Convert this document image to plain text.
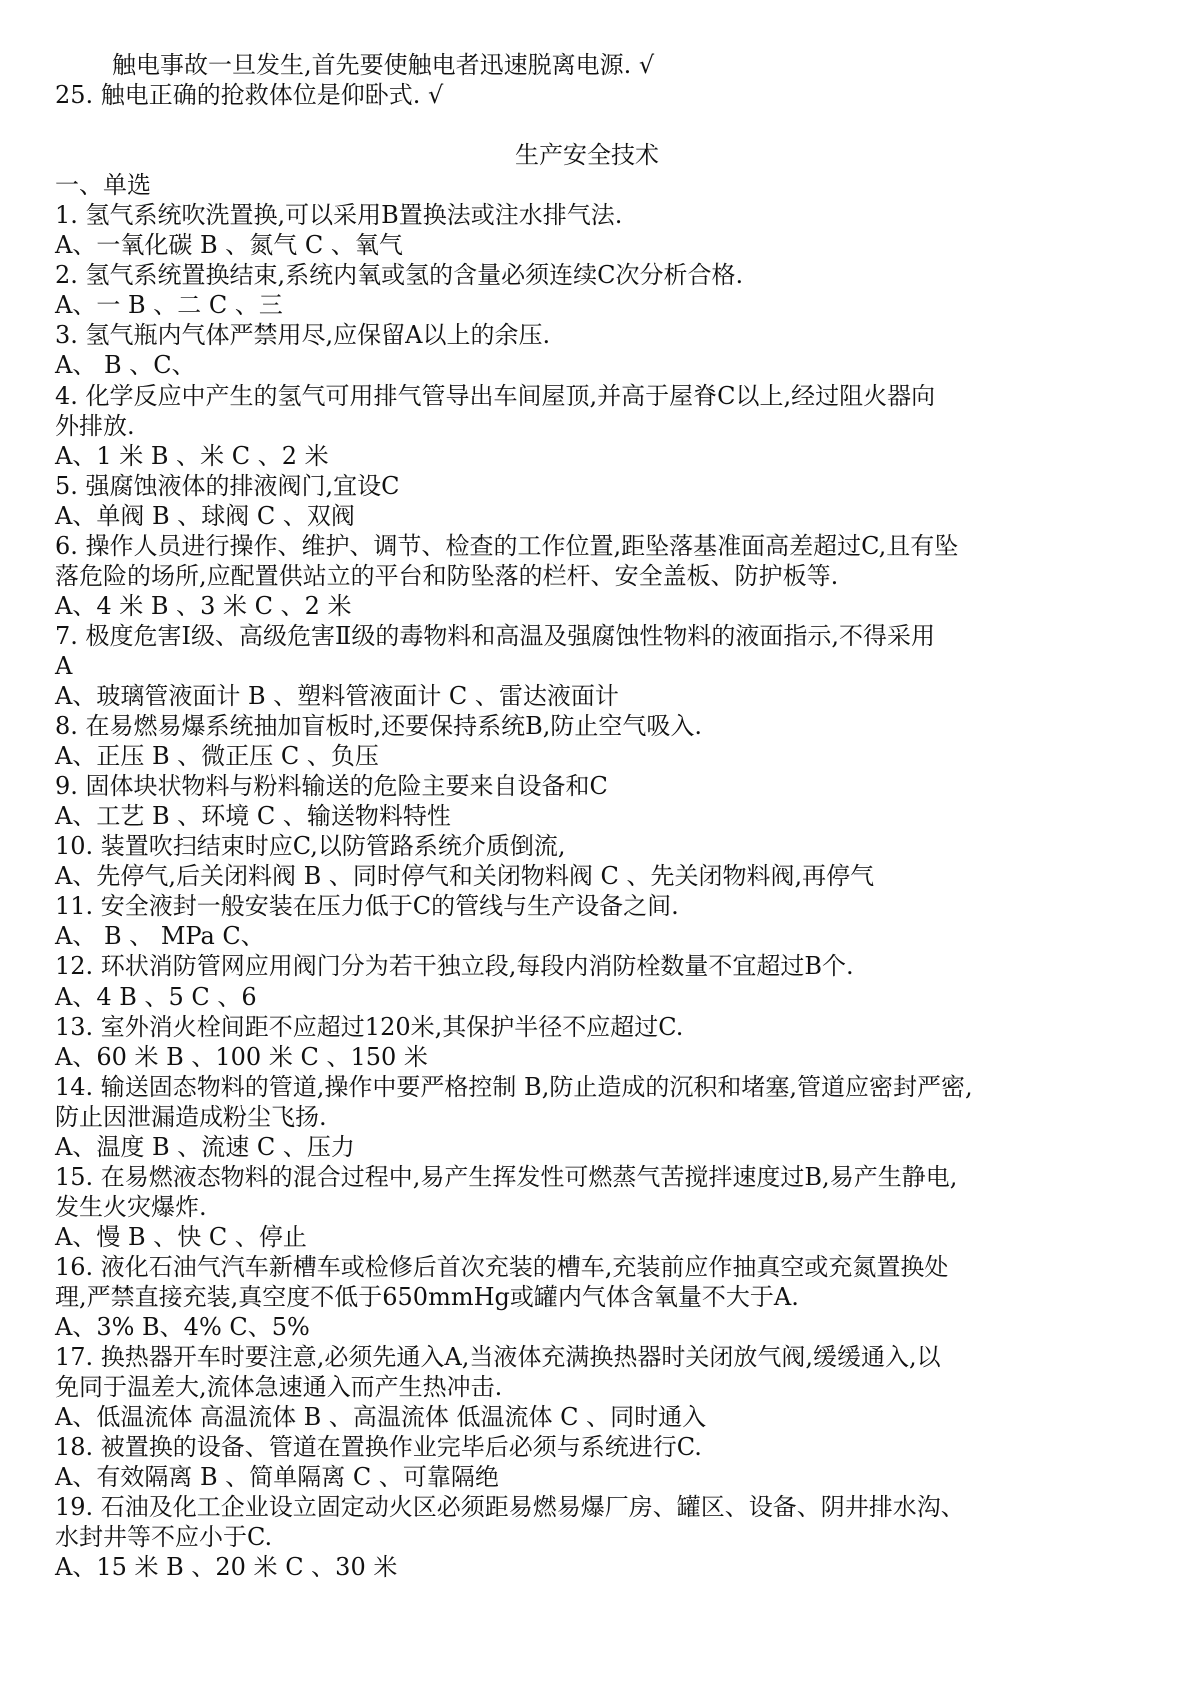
触电事故一旦发生,首先要使触电者迅速脱离电源. √

25. 触电正确的抢救体位是仰卧式. √

生产安全技术

一、单选

1. 氢气系统吹洗置换,可以采用B置换法或注水排气法.

A、一氧化碳 B 、氮气 C 、氧气

2. 氢气系统置换结束,系统内氧或氢的含量必须连续C次分析合格.

A、一 B 、二 C 、三

3. 氢气瓶内气体严禁用尽,应保留A以上的余压.

A、 B 、C、

4. 化学反应中产生的氢气可用排气管导出车间屋顶,并高于屋脊C以上,经过阻火器向

外排放.

A、1 米 B 、米 C 、2 米

5. 强腐蚀液体的排液阀门,宜设C

A、单阀 B 、球阀 C 、双阀

6. 操作人员进行操作、维护、调节、检查的工作位置,距坠落基准面高差超过C,且有坠

落危险的场所,应配置供站立的平台和防坠落的栏杆、安全盖板、防护板等.

A、4 米 B 、3 米 C 、2 米

7. 极度危害Ⅰ级、高级危害Ⅱ级的毒物料和高温及强腐蚀性物料的液面指示,不得采用

A

A、玻璃管液面计 B 、塑料管液面计 C 、雷达液面计

8. 在易燃易爆系统抽加盲板时,还要保持系统B,防止空气吸入.

A、正压 B 、微正压 C 、负压

9. 固体块状物料与粉料输送的危险主要来自设备和C

A、工艺 B 、环境 C 、输送物料特性

10. 装置吹扫结束时应C,以防管路系统介质倒流,

A、先停气,后关闭料阀 B 、同时停气和关闭物料阀 C 、先关闭物料阀,再停气

11. 安全液封一般安装在压力低于C的管线与生产设备之间.

A、 B 、 MPa C、

12. 环状消防管网应用阀门分为若干独立段,每段内消防栓数量不宜超过B个.

A、4 B 、5 C 、6

13. 室外消火栓间距不应超过120米,其保护半径不应超过C.

A、60 米 B 、100 米 C 、150 米

14. 输送固态物料的管道,操作中要严格控制 B,防止造成的沉积和堵塞,管道应密封严密,

防止因泄漏造成粉尘飞扬.

A、温度 B 、流速 C 、压力

15. 在易燃液态物料的混合过程中,易产生挥发性可燃蒸气苦搅拌速度过B,易产生静电,

发生火灾爆炸.

A、慢 B 、快 C 、停止

16. 液化石油气汽车新槽车或检修后首次充装的槽车,充装前应作抽真空或充氮置换处

理,严禁直接充装,真空度不低于650mmHg或罐内气体含氧量不大于A.

A、3% B、4% C、5%

17. 换热器开车时要注意,必须先通入A,当液体充满换热器时关闭放气阀,缓缓通入,以

免同于温差大,流体急速通入而产生热冲击.

A、低温流体 高温流体 B 、高温流体 低温流体 C 、同时通入

18. 被置换的设备、管道在置换作业完毕后必须与系统进行C.

A、有效隔离 B 、简单隔离 C 、可靠隔绝

19. 石油及化工企业设立固定动火区必须距易燃易爆厂房、罐区、设备、阴井排水沟、

水封井等不应小于C.

A、15 米 B 、20 米 C 、30 米
